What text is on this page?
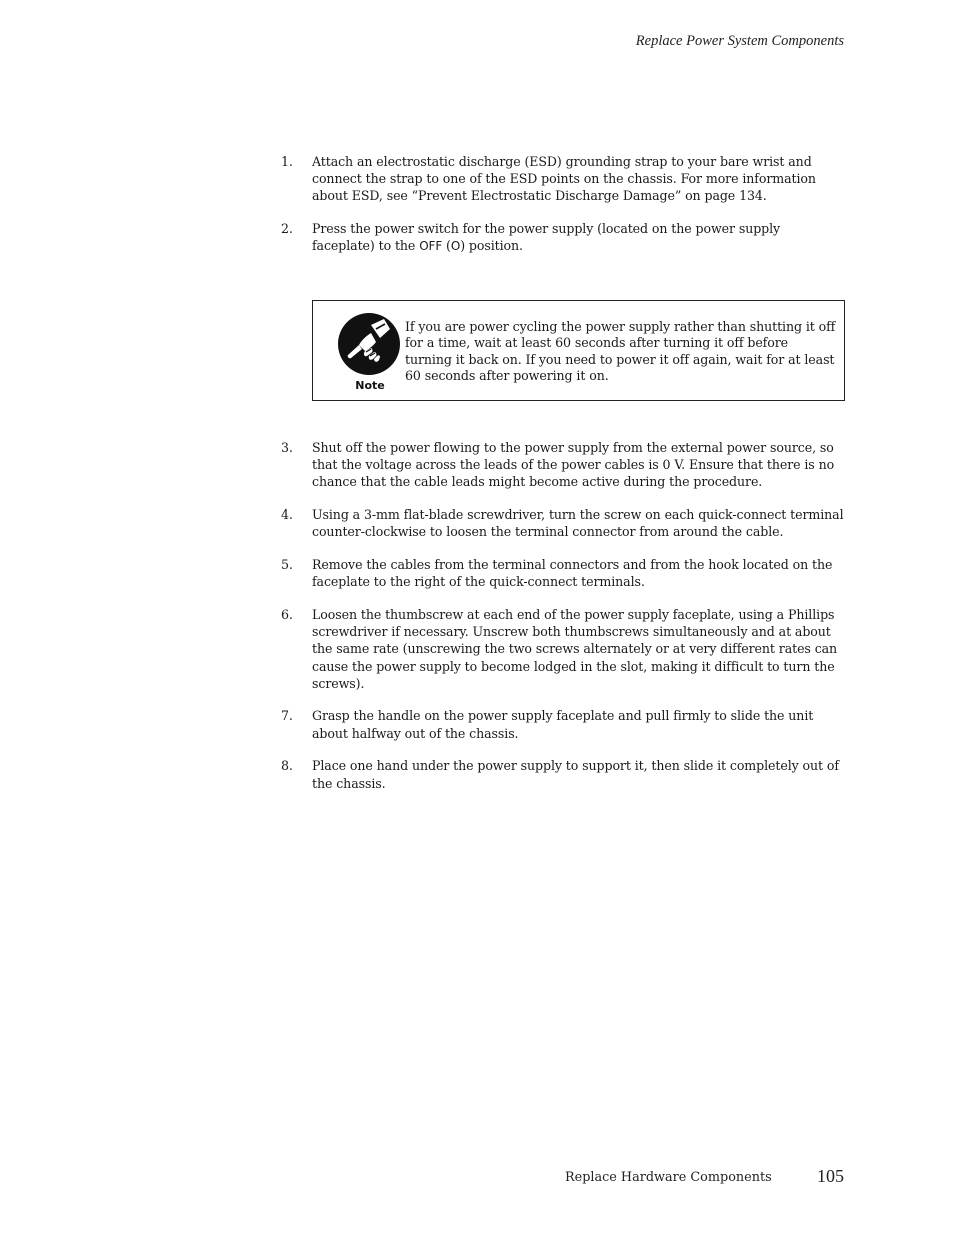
Replace Power System Components
1. Attach an electrostatic discharge (ESD) grounding strap to your bare wrist and connect the strap to one of the ESD points on the chassis. For more information about ESD, see “Prevent Electrostatic Discharge Damage” on page 134.
2. Press the power switch for the power supply (located on the power supply faceplate) to the OFF (O) position.
Note
If you are power cycling the power supply rather than shutting it off for a time, wait at least 60 seconds after turning it off before turning it back on. If you need to power it off again, wait for at least 60 seconds after powering it on.
3. Shut off the power flowing to the power supply from the external power source, so that the voltage across the leads of the power cables is 0 V. Ensure that there is no chance that the cable leads might become active during the procedure.
4. Using a 3-mm flat-blade screwdriver, turn the screw on each quick-connect terminal counter-clockwise to loosen the terminal connector from around the cable.
5. Remove the cables from the terminal connectors and from the hook located on the faceplate to the right of the quick-connect terminals.
6. Loosen the thumbscrew at each end of the power supply faceplate, using a Phillips screwdriver if necessary. Unscrew both thumbscrews simultaneously and at about the same rate (unscrewing the two screws alternately or at very different rates can cause the power supply to become lodged in the slot, making it difficult to turn the screws).
7. Grasp the handle on the power supply faceplate and pull firmly to slide the unit about halfway out of the chassis.
8. Place one hand under the power supply to support it, then slide it completely out of the chassis.
Replace Hardware Components	105
